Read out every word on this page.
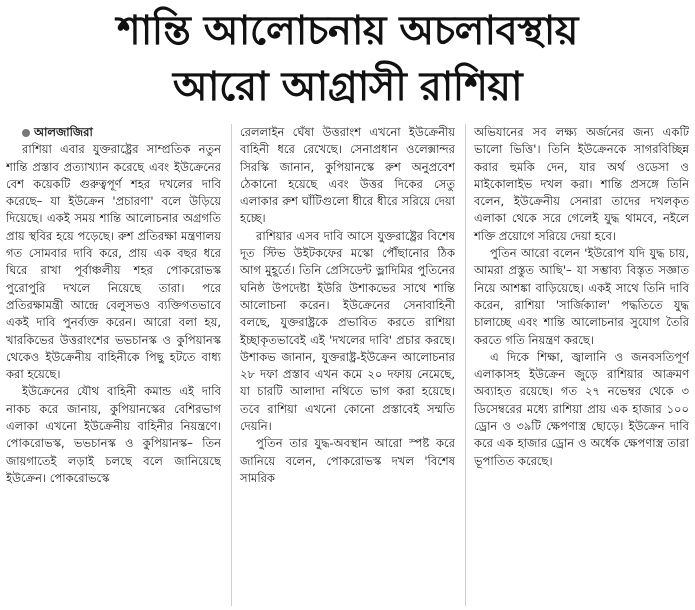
শান্তি আলোচনায় অচলাবস্থায়
আরো আগ্রাসী রাশিয়া

আলজাজিরা

রাশিয়া এবার যুক্তরাষ্ট্রের সাম্প্রতিক নতুন শান্তি প্রস্তাব প্রত্যাখ্যান করেছে এবং ইউক্রেনের বেশ কয়েকটি গুরুত্বপূর্ণ শহর দখলের দাবি করেছে– যা ইউক্রেন 'প্রচারণা' বলে উড়িয়ে দিয়েছে। একই সময় শান্তি আলোচনার অগ্রগতি প্রায় স্থবির হয়ে পড়েছে। রুশ প্রতিরক্ষা মন্ত্রণালয় গত সোমবার দাবি করে, প্রায় এক বছর ধরে ঘিরে রাখা পূর্বাঞ্চলীয় শহর পোকরোভস্ক পুরোপুরি দখলে নিয়েছে তারা। পরে প্রতিরক্ষামন্ত্রী আন্দ্রে বেলুসভও ব্যক্তিগতভাবে একই দাবি পুনর্ব্যক্ত করেন। আরো বলা হয়, খারকিভের উত্তরাংশের ভভচানস্ক ও কুপিয়ানস্ক থেকেও ইউক্রেনীয় বাহিনীকে পিছু হটতে বাধ্য করা হয়েছে।

ইউক্রেনের যৌথ বাহিনী কমান্ড এই দাবি নাকচ করে জানায়, কুপিয়ানস্কের বেশিরভাগ এলাকা এখনো ইউক্রেনীয় বাহিনীর নিয়ন্ত্রণে। পোকরোভস্ক, ভভচানস্ক ও কুপিয়ানস্ক– তিন জায়গাতেই লড়াই চলছে বলে জানিয়েছে ইউক্রেন। পোকরোভস্কে

রেললাইন ঘেঁষা উত্তরাংশ এখনো ইউক্রেনীয় বাহিনী ধরে রেখেছে। সেনাপ্রধান ওলেক্সান্দর সিরস্কি জানান, কুপিয়ানস্কে রুশ অনুপ্রবেশ ঠেকানো হয়েছে এবং উত্তর দিকের সেতু এলাকার রুশ ঘাঁটিগুলো ধীরে ধীরে সরিয়ে দেয়া হচ্ছে।

রাশিয়ার এসব দাবি আসে যুক্তরাষ্ট্রের বিশেষ দূত স্টিভ উইটকফের মস্কো পৌঁছানোর ঠিক আগ মুহূর্তে। তিনি প্রেসিডেন্ট ভ্লাদিমির পুতিনের ঘনিষ্ঠ উপদেষ্টা ইউরি উশাকভের সাথে শান্তি আলোচনা করেন। ইউক্রেনের সেনাবাহিনী বলছে, যুক্তরাষ্ট্রকে প্রভাবিত করতে রাশিয়া ইচ্ছাকৃতভাবেই এই 'দখলের দাবি' প্রচার করছে। উশাকভ জানান, যুক্তরাষ্ট্র-ইউক্রেন আলোচনার ২৮ দফা প্রস্তাব এখন কমে ২০ দফায় নেমেছে, যা চারটি আলাদা নথিতে ভাগ করা হয়েছে। তবে রাশিয়া এখনো কোনো প্রস্তাবেই সম্মতি দেয়নি।

পুতিন তার যুদ্ধ-অবস্থান আরো স্পষ্ট করে জানিয়ে বলেন, পোকরোভস্ক দখল 'বিশেষ সামরিক

অভিযানের সব লক্ষ্য অর্জনের জন্য একটি ভালো ভিত্তি'। তিনি ইউক্রেনকে সাগরবিচ্ছিন্ন করার হুমকি দেন, যার অর্থ ওডেসা ও মাইকোলাইভ দখল করা। শান্তি প্রসঙ্গে তিনি বলেন, ইউক্রেনীয় সেনারা তাদের দখলকৃত এলাকা থেকে সরে গেলেই যুদ্ধ থামবে, নইলে শক্তি প্রয়োগে সরিয়ে দেয়া হবে।

পুতিন আরো বলেন 'ইউরোপ যদি যুদ্ধ চায়, আমরা প্রস্তুত আছি'– যা সম্ভাব্য বিস্তৃত সজ্ঞাত নিয়ে আশঙ্কা বাড়িয়েছে। একই সাথে তিনি দাবি করেন, রাশিয়া 'সার্জিক্যাল' পদ্ধতিতে যুদ্ধ চালাচ্ছে এবং শান্তি আলোচনার সুযোগ তৈরি করতে গতি নিয়ন্ত্রণ করছে।

এ দিকে শিক্ষা, জ্বালানি ও জনবসতিপূর্ণ এলাকাসহ ইউক্রেন জুড়ে রাশিয়ার আক্রমণ অব্যাহত রয়েছে। গত ২৭ নভেম্বর থেকে ৩ ডিসেম্বরের মধ্যে রাশিয়া প্রায় এক হাজার ১০০ ড্রোন ও ৩৯টি ক্ষেপণাস্ত্র ছোড়ে। ইউক্রেন দাবি করে এক হাজার ড্রোন ও অর্ধেক ক্ষেপণাস্ত্র তারা ভূপাতিত করেছে।
